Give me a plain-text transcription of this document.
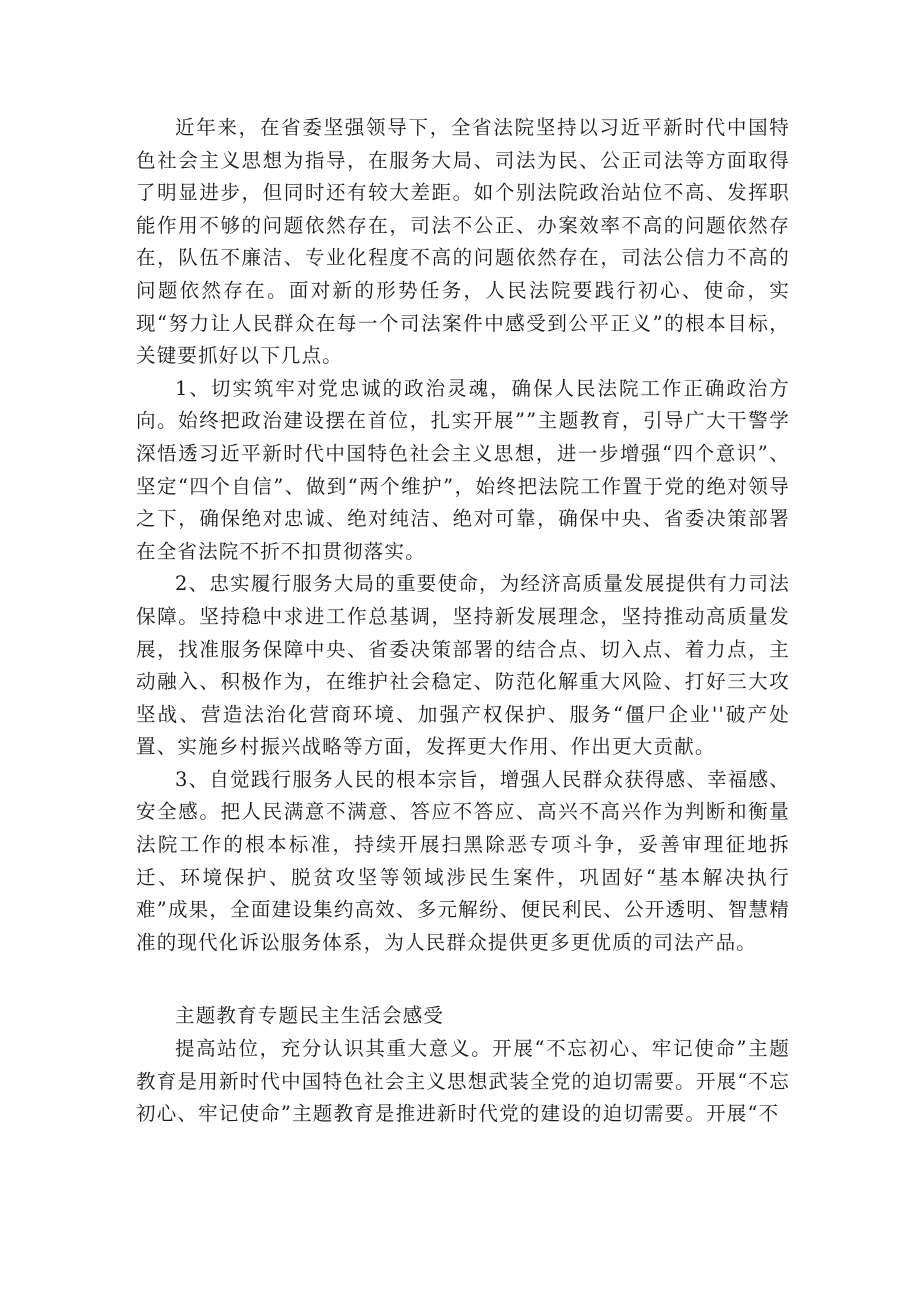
近年来，在省委坚强领导下，全省法院坚持以习近平新时代中国特色社会主义思想为指导，在服务大局、司法为民、公正司法等方面取得了明显进步，但同时还有较大差距。如个别法院政治站位不高、发挥职能作用不够的问题依然存在，司法不公正、办案效率不高的问题依然存在，队伍不廉洁、专业化程度不高的问题依然存在，司法公信力不高的问题依然存在。面对新的形势任务，人民法院要践行初心、使命，实现“努力让人民群众在每一个司法案件中感受到公平正义”的根本目标，关键要抓好以下几点。

1、切实筑牢对党忠诚的政治灵魂，确保人民法院工作正确政治方向。始终把政治建设摆在首位，扎实开展””主题教育，引导广大干警学深悟透习近平新时代中国特色社会主义思想，进一步增强“四个意识”、坚定“四个自信”、做到“两个维护”，始终把法院工作置于党的绝对领导之下，确保绝对忠诚、绝对纯洁、绝对可靠，确保中央、省委决策部署在全省法院不折不扣贯彻落实。

2、忠实履行服务大局的重要使命，为经济高质量发展提供有力司法保障。坚持稳中求进工作总基调，坚持新发展理念，坚持推动高质量发展，找准服务保障中央、省委决策部署的结合点、切入点、着力点，主动融入、积极作为，在维护社会稳定、防范化解重大风险、打好三大攻坚战、营造法治化营商环境、加强产权保护、服务“僵尸企业''破产处置、实施乡村振兴战略等方面，发挥更大作用、作出更大贡献。

3、自觉践行服务人民的根本宗旨，增强人民群众获得感、幸福感、安全感。把人民满意不满意、答应不答应、高兴不高兴作为判断和衡量法院工作的根本标准，持续开展扫黑除恶专项斗争，妥善审理征地拆迁、环境保护、脱贫攻坚等领域涉民生案件，巩固好“基本解决执行难”成果，全面建设集约高效、多元解纷、便民利民、公开透明、智慧精准的现代化诉讼服务体系，为人民群众提供更多更优质的司法产品。

主题教育专题民主生活会感受

提高站位，充分认识其重大意义。开展“不忘初心、牢记使命”主题教育是用新时代中国特色社会主义思想武装全党的迫切需要。开展“不忘初心、牢记使命”主题教育是推进新时代党的建设的迫切需要。开展“不
